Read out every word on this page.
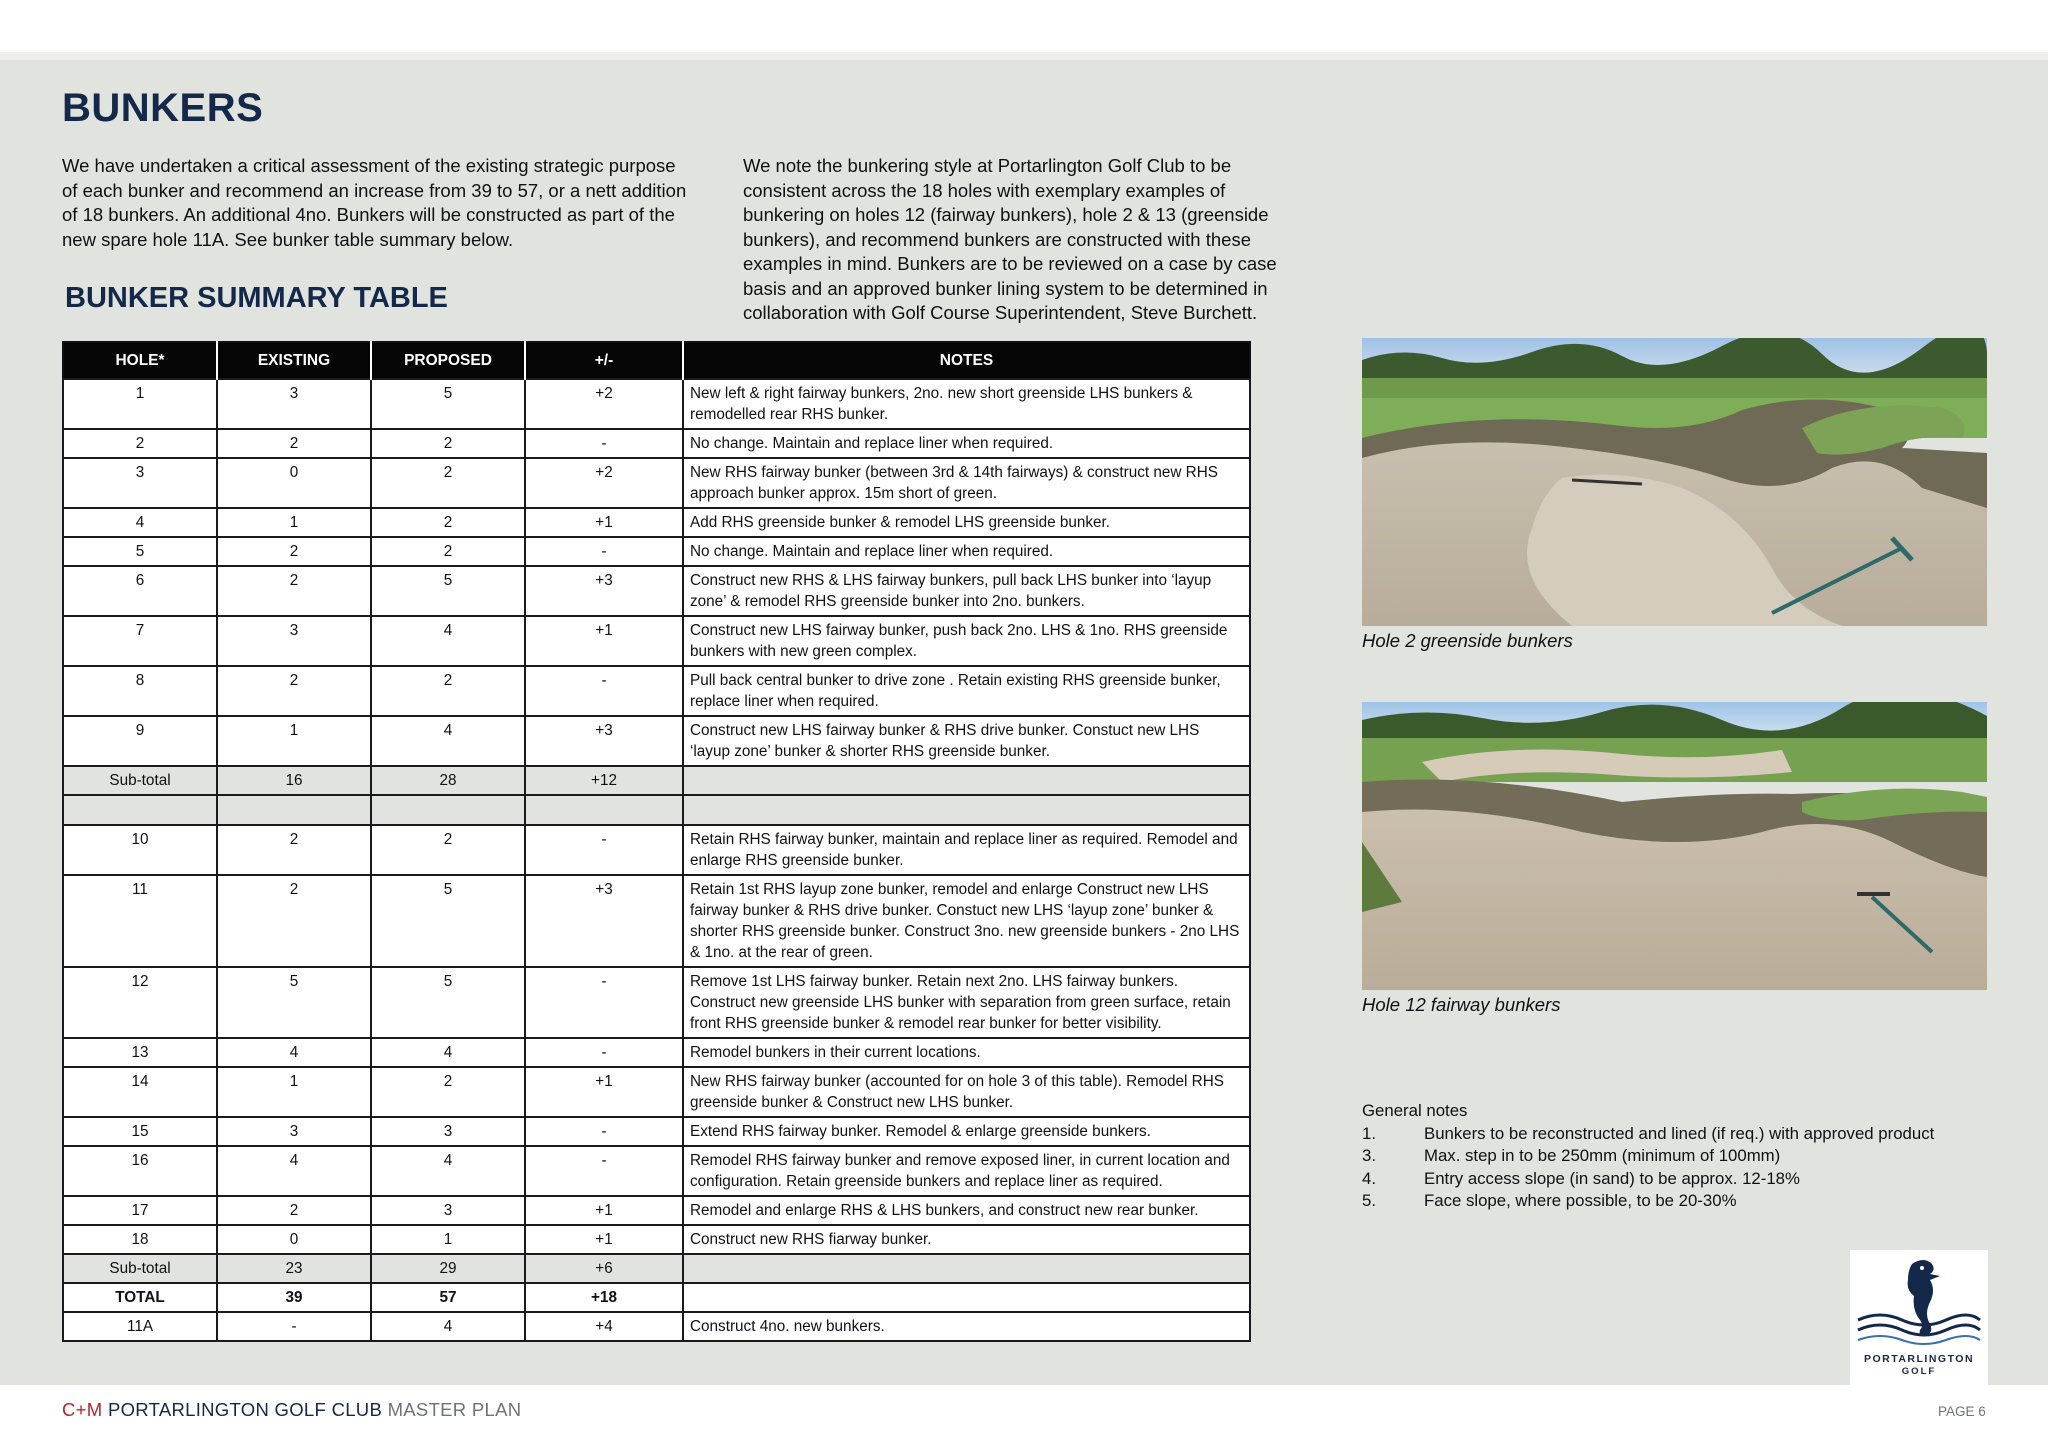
BUNKERS

We have undertaken a critical assessment of the existing strategic purpose of each bunker and recommend an increase from 39 to 57, or a nett addition of 18 bunkers. An additional 4no. Bunkers will be constructed as part of the new spare hole 11A. See bunker table summary below.

We note the bunkering style at Portarlington Golf Club to be consistent across the 18 holes with exemplary examples of bunkering on holes 12 (fairway bunkers), hole 2 & 13 (greenside bunkers), and recommend bunkers are constructed with these examples in mind. Bunkers are to be reviewed on a case by case basis and an approved bunker lining system to be determined in collaboration with Golf Course Superintendent, Steve Burchett.

BUNKER SUMMARY TABLE
HOLE*	EXISTING	PROPOSED	+/-	NOTES
1	3	5	+2	New left & right fairway bunkers, 2no. new short greenside LHS bunkers & remodelled rear RHS bunker.
2	2	2	-	No change. Maintain and replace liner when required.
3	0	2	+2	New RHS fairway bunker (between 3rd & 14th fairways) & construct new RHS approach bunker approx. 15m short of green.
4	1	2	+1	Add RHS greenside bunker & remodel LHS greenside bunker.
5	2	2	-	No change. Maintain and replace liner when required.
6	2	5	+3	Construct new RHS & LHS fairway bunkers, pull back LHS bunker into ‘layup zone’ & remodel RHS greenside bunker into 2no. bunkers.
7	3	4	+1	Construct new LHS fairway bunker, push back 2no. LHS & 1no. RHS greenside bunkers with new green complex.
8	2	2	-	Pull back central bunker to drive zone . Retain existing RHS greenside bunker, replace liner when required.
9	1	4	+3	Construct new LHS fairway bunker & RHS drive bunker. Constuct new LHS ‘layup zone’ bunker & shorter RHS greenside bunker.
Sub-total	16	28	+12	

10	2	2	-	Retain RHS fairway bunker, maintain and replace liner as required. Remodel and enlarge RHS greenside bunker.
11	2	5	+3	Retain 1st RHS layup zone bunker, remodel and enlarge Construct new LHS fairway bunker & RHS drive bunker. Constuct new LHS ‘layup zone’ bunker & shorter RHS greenside bunker. Construct 3no. new greenside bunkers - 2no LHS & 1no. at the rear of green.
12	5	5	-	Remove 1st LHS fairway bunker. Retain next 2no. LHS fairway bunkers. Construct new greenside LHS bunker with separation from green surface, retain front RHS greenside bunker & remodel rear bunker for better visibility.
13	4	4	-	Remodel bunkers in their current locations.
14	1	2	+1	New RHS fairway bunker (accounted for on hole 3 of this table). Remodel RHS greenside bunker & Construct new LHS bunker.
15	3	3	-	Extend RHS fairway bunker. Remodel & enlarge greenside bunkers.
16	4	4	-	Remodel RHS fairway bunker and remove exposed liner, in current location and configuration. Retain greenside bunkers and replace liner as required.
17	2	3	+1	Remodel and enlarge RHS & LHS bunkers, and construct new rear bunker.
18	0	1	+1	Construct new RHS fiarway bunker.
Sub-total	23	29	+6	
TOTAL	39	57	+18	
11A	-	4	+4	Construct 4no. new bunkers.

Hole 2 greenside bunkers

Hole 12 fairway bunkers

General notes

1.	Bunkers to be reconstructed and lined (if req.) with approved product
3.	Max. step in to be 250mm (minimum of 100mm)
4.	Entry access slope (in sand) to be approx. 12-18%
5.	Face slope, where possible, to be 20-30%
PORTARLINGTON
GOLF
C+M PORTARLINGTON GOLF CLUB MASTER PLAN	PAGE 6
